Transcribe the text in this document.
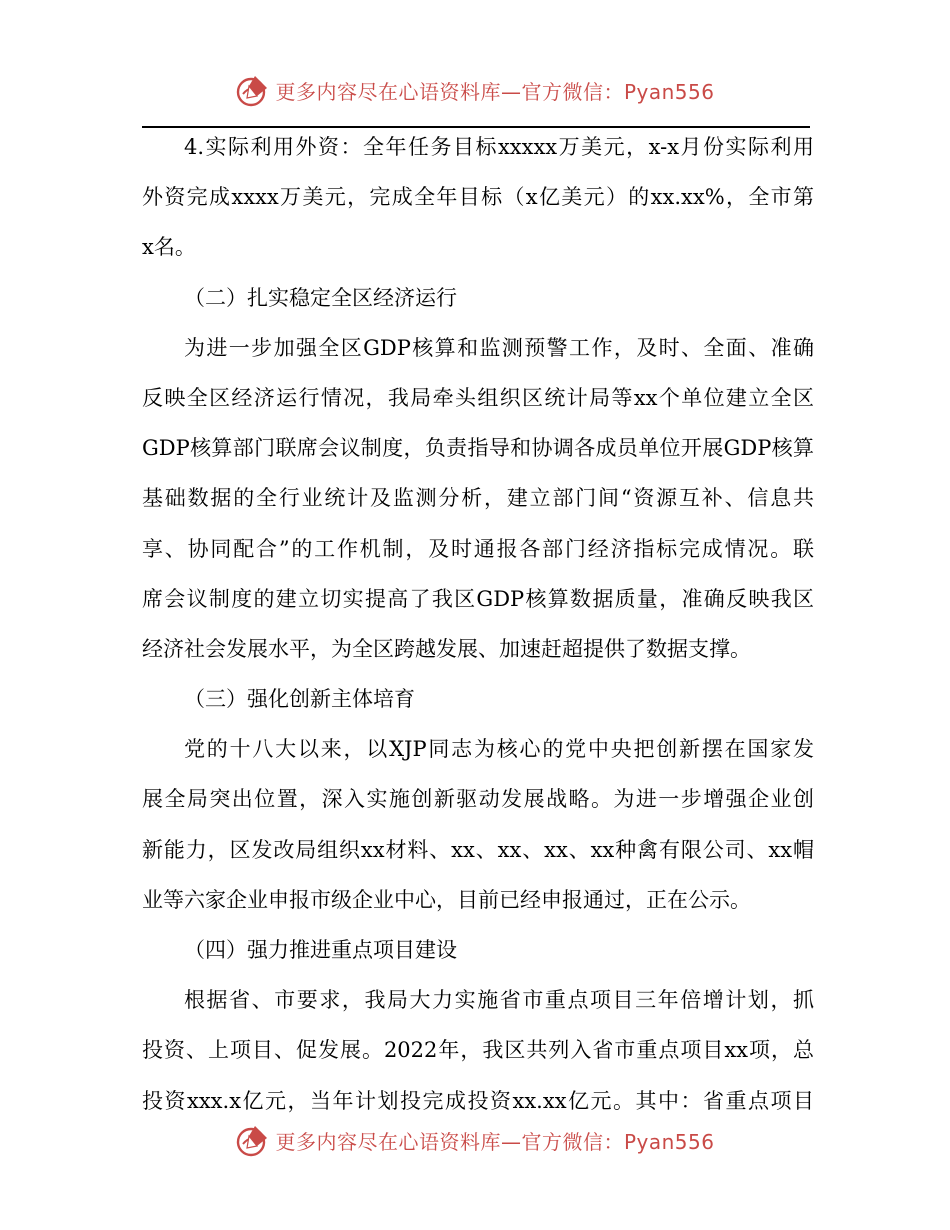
更多内容尽在心语资料库—官方微信：Pyan556
4.实际利用外资：全年任务目标xxxxx万美元，x-x月份实际利用
外资完成xxxx万美元，完成全年目标（x亿美元）的xx.xx%，全市第
x名。
（二）扎实稳定全区经济运行
为进一步加强全区GDP核算和监测预警工作，及时、全面、准确
反映全区经济运行情况，我局牵头组织区统计局等xx个单位建立全区
GDP核算部门联席会议制度，负责指导和协调各成员单位开展GDP核算
基础数据的全行业统计及监测分析，建立部门间“资源互补、信息共
享、协同配合”的工作机制，及时通报各部门经济指标完成情况。联
席会议制度的建立切实提高了我区GDP核算数据质量，准确反映我区
经济社会发展水平，为全区跨越发展、加速赶超提供了数据支撑。
（三）强化创新主体培育
党的十八大以来，以XJP同志为核心的党中央把创新摆在国家发
展全局突出位置，深入实施创新驱动发展战略。为进一步增强企业创
新能力，区发改局组织xx材料、xx、xx、xx、xx种禽有限公司、xx帽
业等六家企业申报市级企业中心，目前已经申报通过，正在公示。
（四）强力推进重点项目建设
根据省、市要求，我局大力实施省市重点项目三年倍增计划，抓
投资、上项目、促发展。2022年，我区共列入省市重点项目xx项，总
投资xxx.x亿元，当年计划投完成投资xx.xx亿元。其中：省重点项目
更多内容尽在心语资料库—官方微信：Pyan556
